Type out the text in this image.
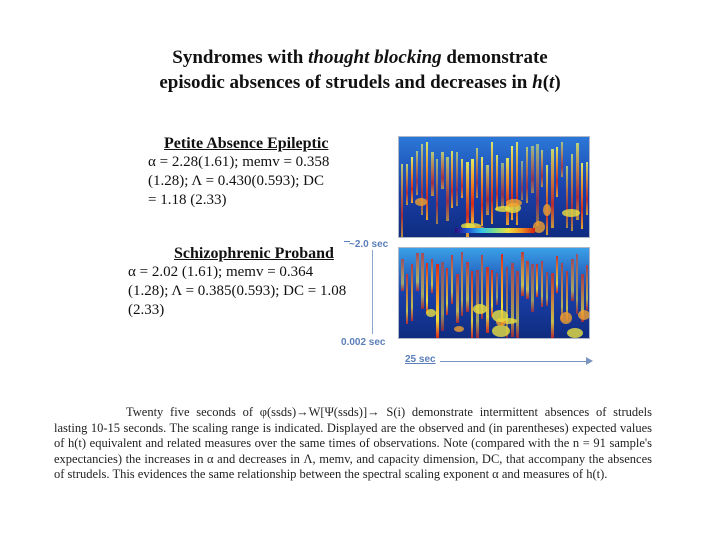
Syndromes with thought blocking demonstrate
episodic absences of strudels and decreases in h(t)
Petite Absence Epileptic
α = 2.28(1.61); memv = 0.358
(1.28); Λ = 0.430(0.593); DC
= 1.18 (2.33)
Schizophrenic Proband
α = 2.02 (1.61); memv = 0.364
(1.28); Λ = 0.385(0.593); DC = 1.08
(2.33)
~2.0 sec
0.002 sec
25 sec

Twenty five seconds of φ(ssds)→W[Ψ(ssds)]→ S(i) demonstrate intermittent absences of strudels lasting 10-15 seconds. The scaling range is indicated. Displayed are the observed and (in parentheses) expected values of h(t) equivalent and related measures over the same times of observations. Note (compared with the n = 91 sample's expectancies) the increases in α and decreases in Λ, memv, and capacity dimension, DC, that accompany the absences of strudels. This evidences the same relationship between the spectral scaling exponent α and measures of h(t).
